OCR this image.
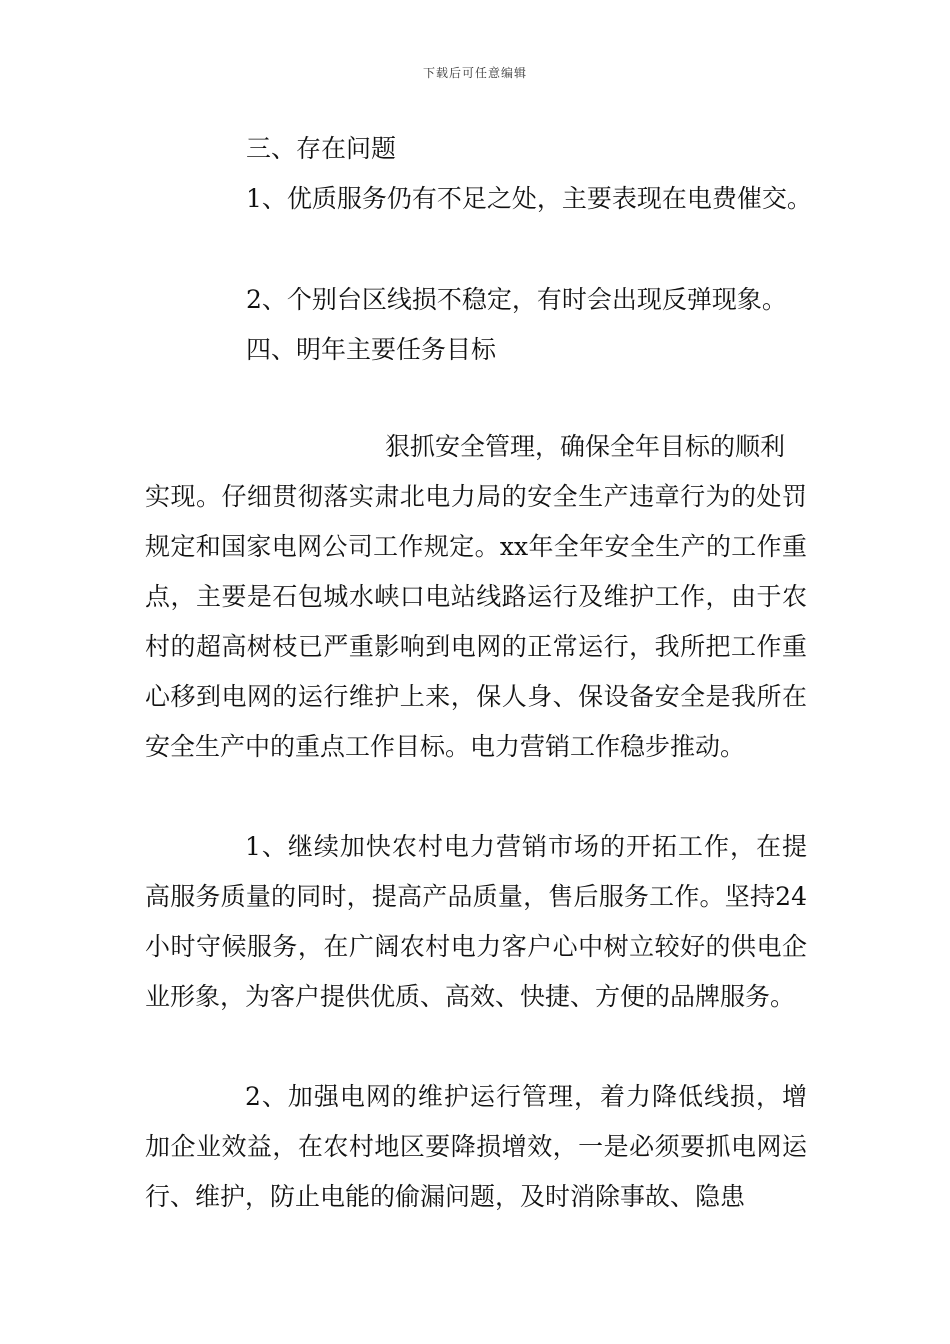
下载后可任意编辑
三、存在问题
1、优质服务仍有不足之处，主要表现在电费催交。
2、个别台区线损不稳定，有时会出现反弹现象。
四、明年主要任务目标
狠抓安全管理，确保全年目标的顺利
实现。仔细贯彻落实肃北电力局的安全生产违章行为的处罚规定和国家电网公司工作规定。xx年全年安全生产的工作重点，主要是石包城水峡口电站线路运行及维护工作，由于农村的超高树枝已严重影响到电网的正常运行，我所把工作重心移到电网的运行维护上来，保人身、保设备安全是我所在安全生产中的重点工作目标。电力营销工作稳步推动。
1、继续加快农村电力营销市场的开拓工作，在提高服务质量的同时，提高产品质量，售后服务工作。坚持24小时守候服务，在广阔农村电力客户心中树立较好的供电企业形象，为客户提供优质、高效、快捷、方便的品牌服务。
2、加强电网的维护运行管理，着力降低线损，增加企业效益，在农村地区要降损增效，一是必须要抓电网运行、维护，防止电能的偷漏问题，及时消除事故、隐患
